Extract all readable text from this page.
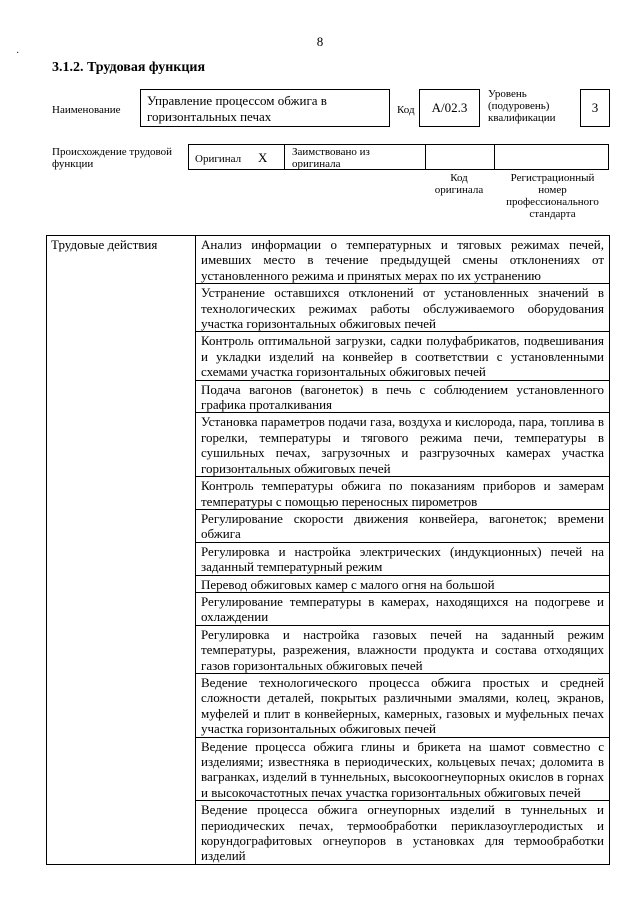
·
8
3.1.2. Трудовая функция
Наименование
Управление процессом обжига в горизонтальных печах	Код	А/02.3
Уровень (подуровень) квалификации
3
Происхождение трудовой функции	Оригинал Х Заимствовано из оригинала
Код оригинала
Регистрационный номер профессионального стандарта
Трудовые действия	Анализ информации о температурных и тяговых режимах печей, имевших место в течение предыдущей смены отклонениях от установленного режима и принятых мерах по их устранению
Устранение оставшихся отклонений от установленных значений в технологических режимах работы обслуживаемого оборудования участка горизонтальных обжиговых печей
Контроль оптимальной загрузки, садки полуфабрикатов, подвешивания и укладки изделий на конвейер в соответствии с установленными схемами участка горизонтальных обжиговых печей
Подача вагонов (вагонеток) в печь с соблюдением установленного графика проталкивания
Установка параметров подачи газа, воздуха и кислорода, пара, топлива в горелки, температуры и тягового режима печи, температуры в сушильных печах, загрузочных и разгрузочных камерах участка горизонтальных обжиговых печей
Контроль температуры обжига по показаниям приборов и замерам температуры с помощью переносных пирометров
Регулирование скорости движения конвейера, вагонеток; времени обжига
Регулировка и настройка электрических (индукционных) печей на заданный температурный режим
Перевод обжиговых камер с малого огня на большой
Регулирование температуры в камерах, находящихся на подогреве и охлаждении
Регулировка и настройка газовых печей на заданный режим температуры, разрежения, влажности продукта и состава отходящих газов горизонтальных обжиговых печей
Ведение технологического процесса обжига простых и средней сложности деталей, покрытых различными эмалями, колец, экранов, муфелей и плит в конвейерных, камерных, газовых и муфельных печах участка горизонтальных обжиговых печей
Ведение процесса обжига глины и брикета на шамот совместно с изделиями; известняка в периодических, кольцевых печах; доломита в вагранках, изделий в туннельных, высокоогнеупорных окислов в горнах и высокочастотных печах участка горизонтальных обжиговых печей
Ведение процесса обжига огнеупорных изделий в туннельных и периодических печах, термообработки периклазоуглеродистых и корундографитовых огнеупоров в установках для термообработки изделий
